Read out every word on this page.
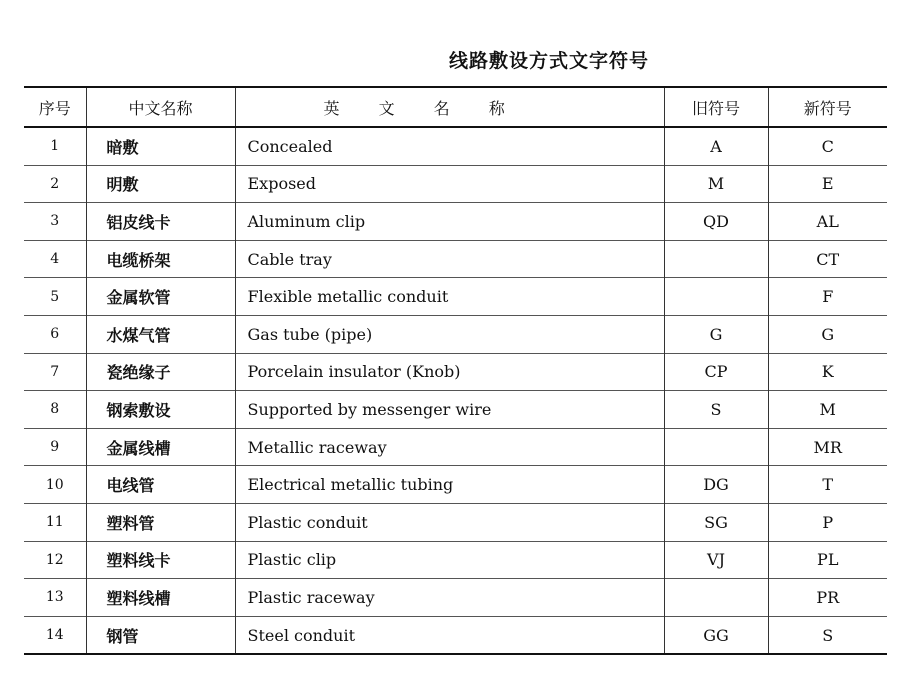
线路敷设方式文字符号
序号	中文名称	英 文 名 称	旧符号	新符号
1	暗敷	Concealed	A	C
2	明敷	Exposed	M	E
3	铝皮线卡	Aluminum clip	QD	AL
4	电缆桥架	Cable tray		CT
5	金属软管	Flexible metallic conduit		F
6	水煤气管	Gas tube (pipe)	G	G
7	瓷绝缘子	Porcelain insulator (Knob)	CP	K
8	钢索敷设	Supported by messenger wire	S	M
9	金属线槽	Metallic raceway		MR
10	电线管	Electrical metallic tubing	DG	T
11	塑料管	Plastic conduit	SG	P
12	塑料线卡	Plastic clip	VJ	PL
13	塑料线槽	Plastic raceway		PR
14	钢管	Steel conduit	GG	S
